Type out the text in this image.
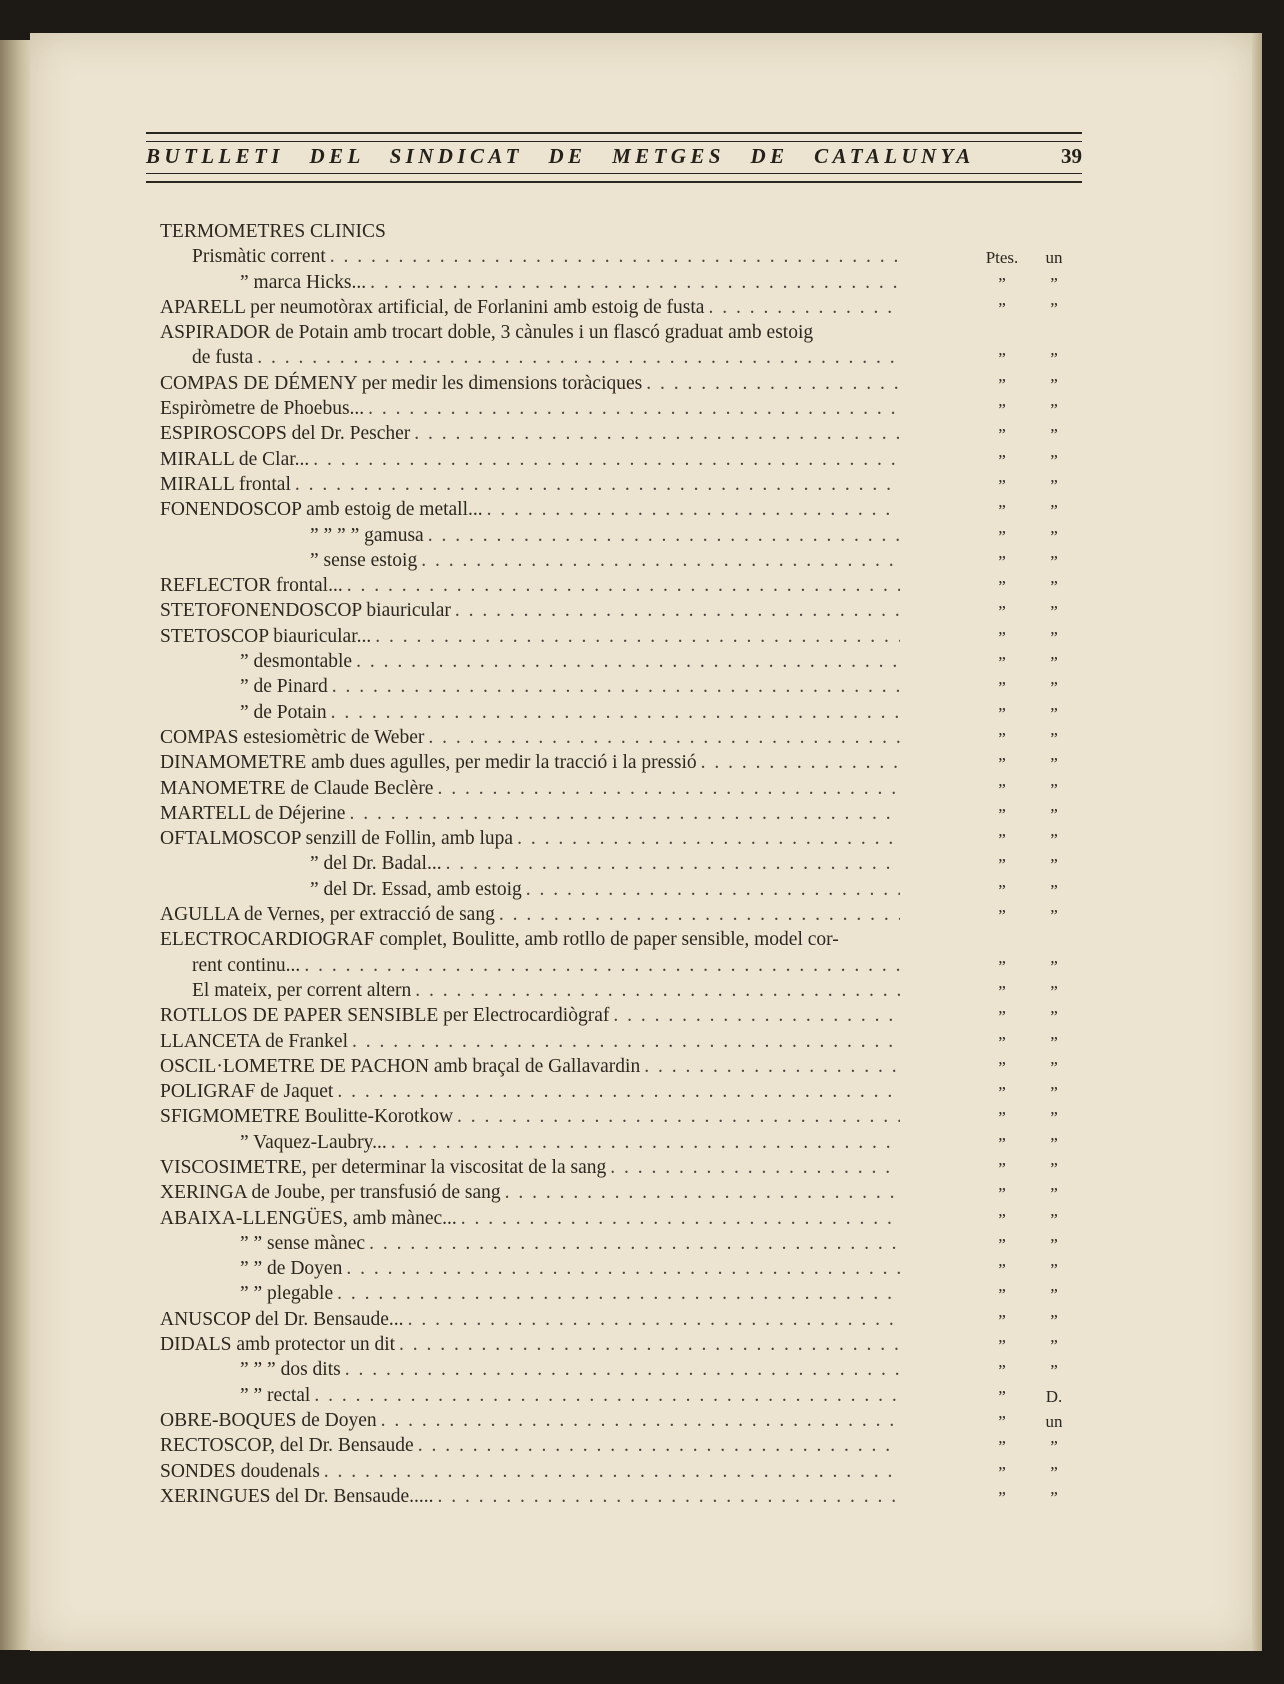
BUTLLETI DEL SINDICAT DE METGES DE CATALUNYA	39
TERMOMETRES CLINICS
Prismàtic corrent . . .	Ptes. un
” marca Hicks... . . .	”	”
APARELL per neumotòrax artificial, de Forlanini amb estoig de fusta . . .	”	”
ASPIRADOR de Potain amb trocart doble, 3 cànules i un flascó graduat amb estoig
de fusta . . .	”	”
COMPAS DE DÉMENY per medir les dimensions toràciques . . .	”	”
Espiròmetre de Phoebus... . . .	”	”
ESPIROSCOPS del Dr. Pescher . . .	”	”
MIRALL de Clar... . . .	”	”
MIRALL frontal . . .	”	”
FONENDOSCOP amb estoig de metall... . . .	”	”
” ” ” ” gamusa . . .	”	”
” sense estoig . . .	”	”
REFLECTOR frontal... . . .	”	”
STETOFONENDOSCOP biauricular . . .	”	”
STETOSCOP biauricular... . . .	”	”
” desmontable . . .	”	”
” de Pinard . . .	”	”
” de Potain . . .	”	”
COMPAS estesiomètric de Weber . . .	”	”
DINAMOMETRE amb dues agulles, per medir la tracció i la pressió . . .	”	”
MANOMETRE de Claude Beclère . . .	”	”
MARTELL de Déjerine . . .	”	”
OFTALMOSCOP senzill de Follin, amb lupa . . .	”	”
” del Dr. Badal... . . .	”	”
” del Dr. Essad, amb estoig . . .	”	”
AGULLA de Vernes, per extracció de sang . . .	”	”
ELECTROCARDIOGRAF complet, Boulitte, amb rotllo de paper sensible, model cor-
rent continu... . . .	”	”
El mateix, per corrent altern . . .	”	”
ROTLLOS DE PAPER SENSIBLE per Electrocardiògraf . . .	”	”
LLANCETA de Frankel . . .	”	”
OSCIL·LOMETRE DE PACHON amb braçal de Gallavardin . . .	”	”
POLIGRAF de Jaquet . . .	”	”
SFIGMOMETRE Boulitte-Korotkow . . .	”	”
” Vaquez-Laubry... . . .	”	”
VISCOSIMETRE, per determinar la viscositat de la sang . . .	”	”
XERINGA de Joube, per transfusió de sang . . .	”	”
ABAIXA-LLENGÜES, amb mànec... . . .	”	”
” ” sense mànec . . .	”	”
” ” de Doyen . . .	”	”
” ” plegable . . .	”	”
ANUSCOP del Dr. Bensaude... . . .	”	”
DIDALS amb protector un dit . . .	”	”
” ” ” dos dits . . .	”	”
” ” rectal . . .	” D.
OBRE-BOQUES de Doyen . . .	” un
RECTOSCOP, del Dr. Bensaude . . .	”	”
SONDES doudenals . . .	”	”
XERINGUES del Dr. Bensaude..... . . .	”	”
